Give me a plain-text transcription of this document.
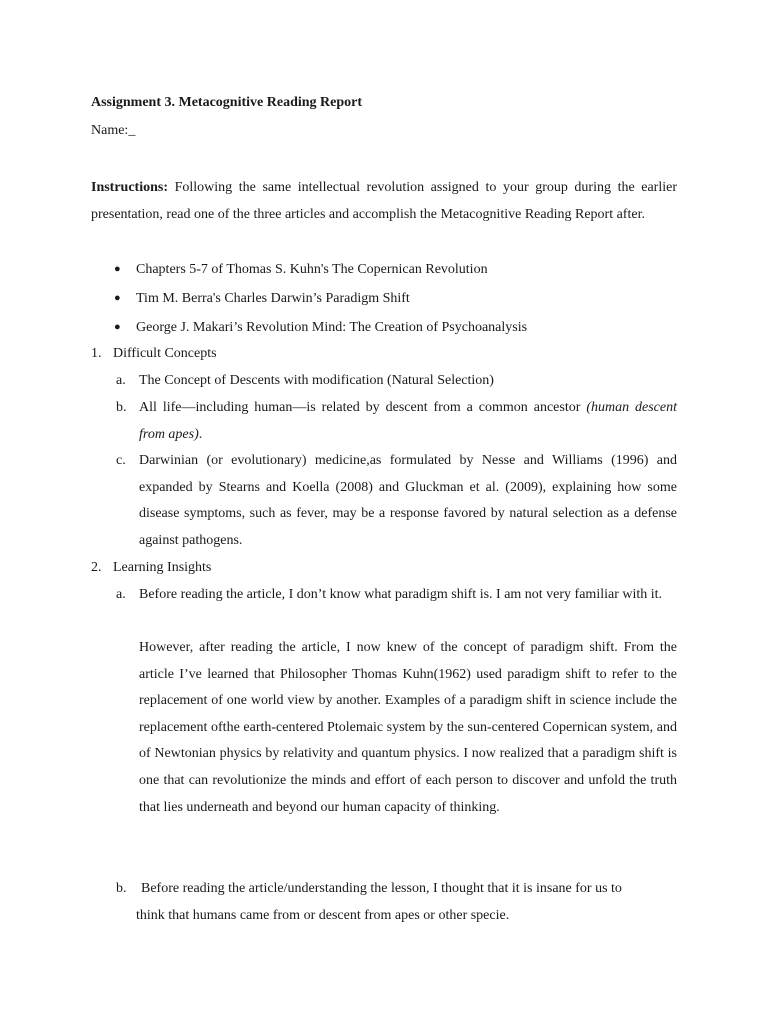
Assignment 3. Metacognitive Reading Report

Name:_

Instructions: Following the same intellectual revolution assigned to your group during the earlier presentation, read one of the three articles and accomplish the Metacognitive Reading Report after.

● Chapters 5-7 of Thomas S. Kuhn's The Copernican Revolution

● Tim M. Berra's Charles Darwin’s Paradigm Shift

● George J. Makari’s Revolution Mind: The Creation of Psychoanalysis

1. Difficult Concepts

a. The Concept of Descents with modification (Natural Selection)
b. All life—including human—is related by descent from a common ancestor (human descent from apes).
c. Darwinian (or evolutionary) medicine,as formulated by Nesse and Williams (1996) and expanded by Stearns and Koella (2008) and Gluckman et al. (2009), explaining how some disease symptoms, such as fever, may be a response favored by natural selection as a defense against pathogens.

2. Learning Insights

a. Before reading the article, I don’t know what paradigm shift is. I am not very familiar with it.

However, after reading the article, I now knew of the concept of paradigm shift. From the article I’ve learned that Philosopher Thomas Kuhn(1962) used paradigm shift to refer to the replacement of one world view by another. Examples of a paradigm shift in science include the replacement ofthe earth-centered Ptolemaic system by the sun-centered Copernican system, and of Newtonian physics by relativity and quantum physics. I now realized that a paradigm shift is one that can revolutionize the minds and effort of each person to discover and unfold the truth that lies underneath and beyond our human capacity of thinking.

b.	Before reading the article/understanding the lesson, I thought that it is insane for us to
think that humans came from or descent from apes or other specie.
